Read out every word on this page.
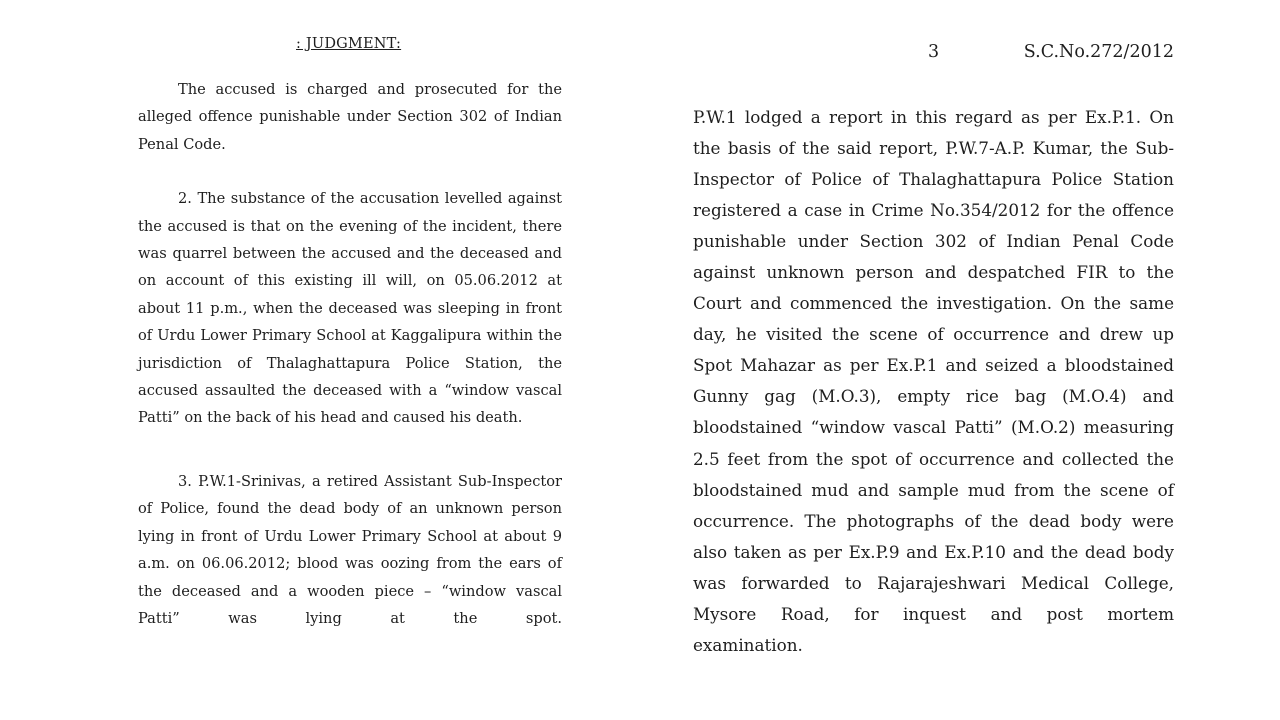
: JUDGMENT:

The accused is charged and prosecuted for the alleged offence punishable under Section 302 of Indian Penal Code.

2. The substance of the accusation levelled against the accused is that on the evening of the incident, there was quarrel between the accused and the deceased and on account of this existing ill will, on 05.06.2012 at about 11 p.m., when the deceased was sleeping in front of Urdu Lower Primary School at Kaggalipura within the jurisdiction of Thalaghattapura Police Station, the accused assaulted the deceased with a “window vascal Patti” on the back of his head and caused his death.

3. P.W.1-Srinivas, a retired Assistant Sub-Inspector of Police, found the dead body of an unknown person lying in front of Urdu Lower Primary School at about 9 a.m. on 06.06.2012; blood was oozing from the ears of the deceased and a wooden piece – “window vascal Patti” was lying at the spot.

3	S.C.No.272/2012

P.W.1 lodged a report in this regard as per Ex.P.1. On the basis of the said report, P.W.7-A.P. Kumar, the Sub-Inspector of Police of Thalaghattapura Police Station registered a case in Crime No.354/2012 for the offence punishable under Section 302 of Indian Penal Code against unknown person and despatched FIR to the Court and commenced the investigation. On the same day, he visited the scene of occurrence and drew up Spot Mahazar as per Ex.P.1 and seized a bloodstained Gunny gag (M.O.3), empty rice bag (M.O.4) and bloodstained “window vascal Patti” (M.O.2) measuring 2.5 feet from the spot of occurrence and collected the bloodstained mud and sample mud from the scene of occurrence. The photographs of the dead body were also taken as per Ex.P.9 and Ex.P.10 and the dead body was forwarded to Rajarajeshwari Medical College, Mysore Road, for inquest and post mortem examination.
